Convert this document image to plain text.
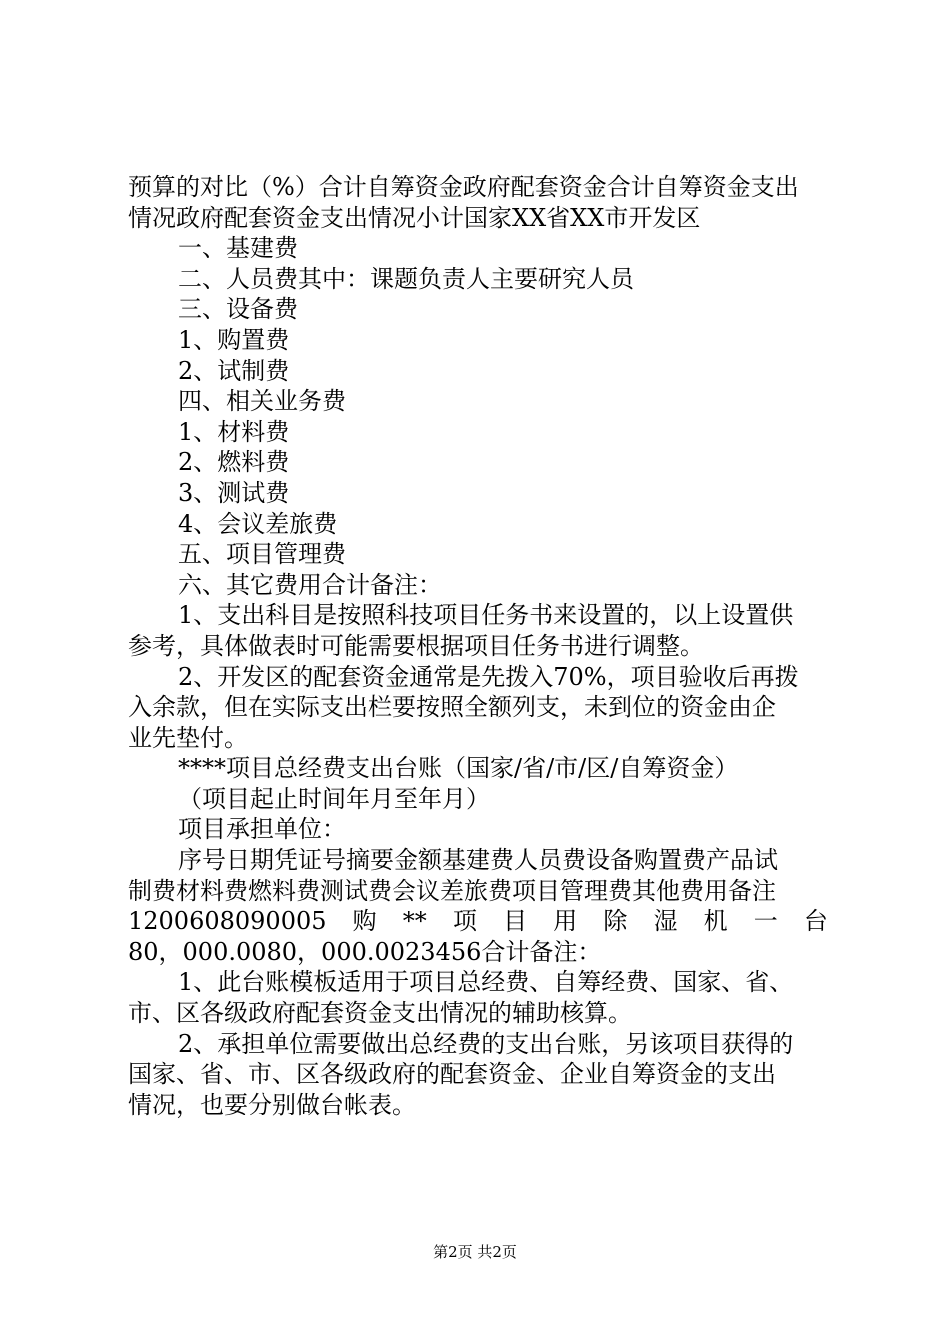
预算的对比（%）合计自筹资金政府配套资金合计自筹资金支出
情况政府配套资金支出情况小计国家XX省XX市开发区
一、基建费
二、人员费其中：课题负责人主要研究人员
三、设备费
1、购置费
2、试制费
四、相关业务费
1、材料费
2、燃料费
3、测试费
4、会议差旅费
五、项目管理费
六、其它费用合计备注：
1、支出科目是按照科技项目任务书来设置的，以上设置供
参考，具体做表时可能需要根据项目任务书进行调整。
2、开发区的配套资金通常是先拨入70%，项目验收后再拨
入余款，但在实际支出栏要按照全额列支，未到位的资金由企
业先垫付。
****项目总经费支出台账（国家/省/市/区/自筹资金）
（项目起止时间年月至年月）
项目承担单位：
序号日期凭证号摘要金额基建费人员费设备购置费产品试
制费材料费燃料费测试费会议差旅费项目管理费其他费用备注
1200608090005 购 ** 项 目 用 除 湿 机 一 台
80，000.0080，000.0023456合计备注：
1、此台账模板适用于项目总经费、自筹经费、国家、省、
市、区各级政府配套资金支出情况的辅助核算。
2、承担单位需要做出总经费的支出台账，另该项目获得的
国家、省、市、区各级政府的配套资金、企业自筹资金的支出
情况，也要分别做台帐表。
第2页 共2页
